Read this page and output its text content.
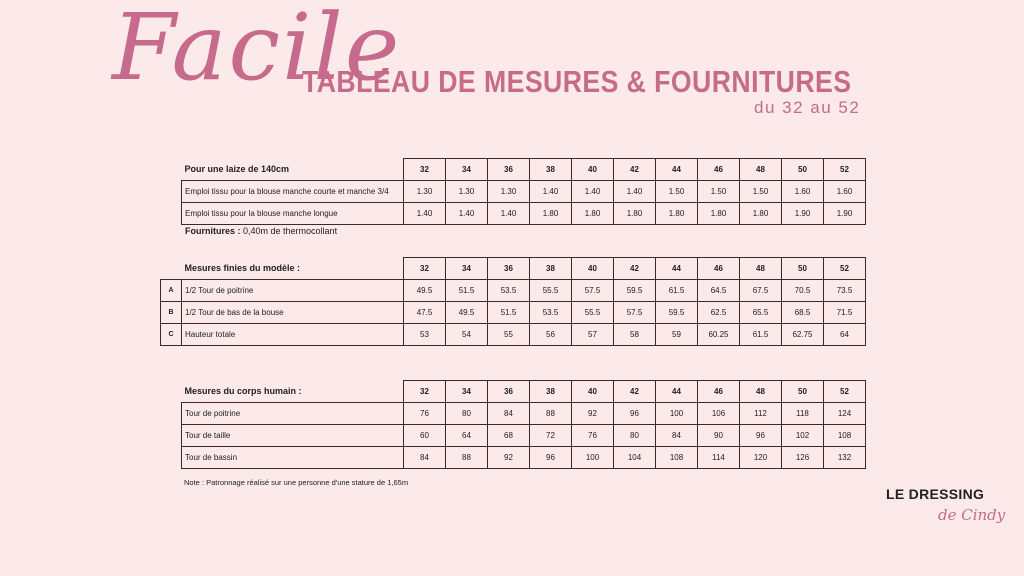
Facile
TABLEAU DE MESURES & FOURNITURES
du 32 au 52
Pour une laize de 140cm	32	34	36	38	40	42	44	46	48	50	52
Emploi tissu pour la blouse manche courte et manche 3/4	1.30	1.30	1.30	1.40	1.40	1.40	1.50	1.50	1.50	1.60	1.60
Emploi tissu pour la blouse manche longue	1.40	1.40	1.40	1.80	1.80	1.80	1.80	1.80	1.80	1.90	1.90
Fournitures : 0,40m de thermocollant
	Mesures finies du modèle :	32	34	36	38	40	42	44	46	48	50	52
A	1/2 Tour de poitrine	49.5	51.5	53.5	55.5	57.5	59.5	61.5	64.5	67.5	70.5	73.5
B	1/2 Tour de bas de la bouse	47.5	49.5	51.5	53.5	55.5	57.5	59.5	62.5	65.5	68.5	71.5
C	Hauteur totale	53	54	55	56	57	58	59	60.25	61.5	62.75	64
Mesures du corps humain :	32	34	36	38	40	42	44	46	48	50	52
Tour de poitrine	76	80	84	88	92	96	100	106	112	118	124
Tour de taille	60	64	68	72	76	80	84	90	96	102	108
Tour de bassin	84	88	92	96	100	104	108	114	120	126	132
Note : Patronnage réalisé sur une personne d'une stature de 1,65m
LE DRESSING
de Cindy
